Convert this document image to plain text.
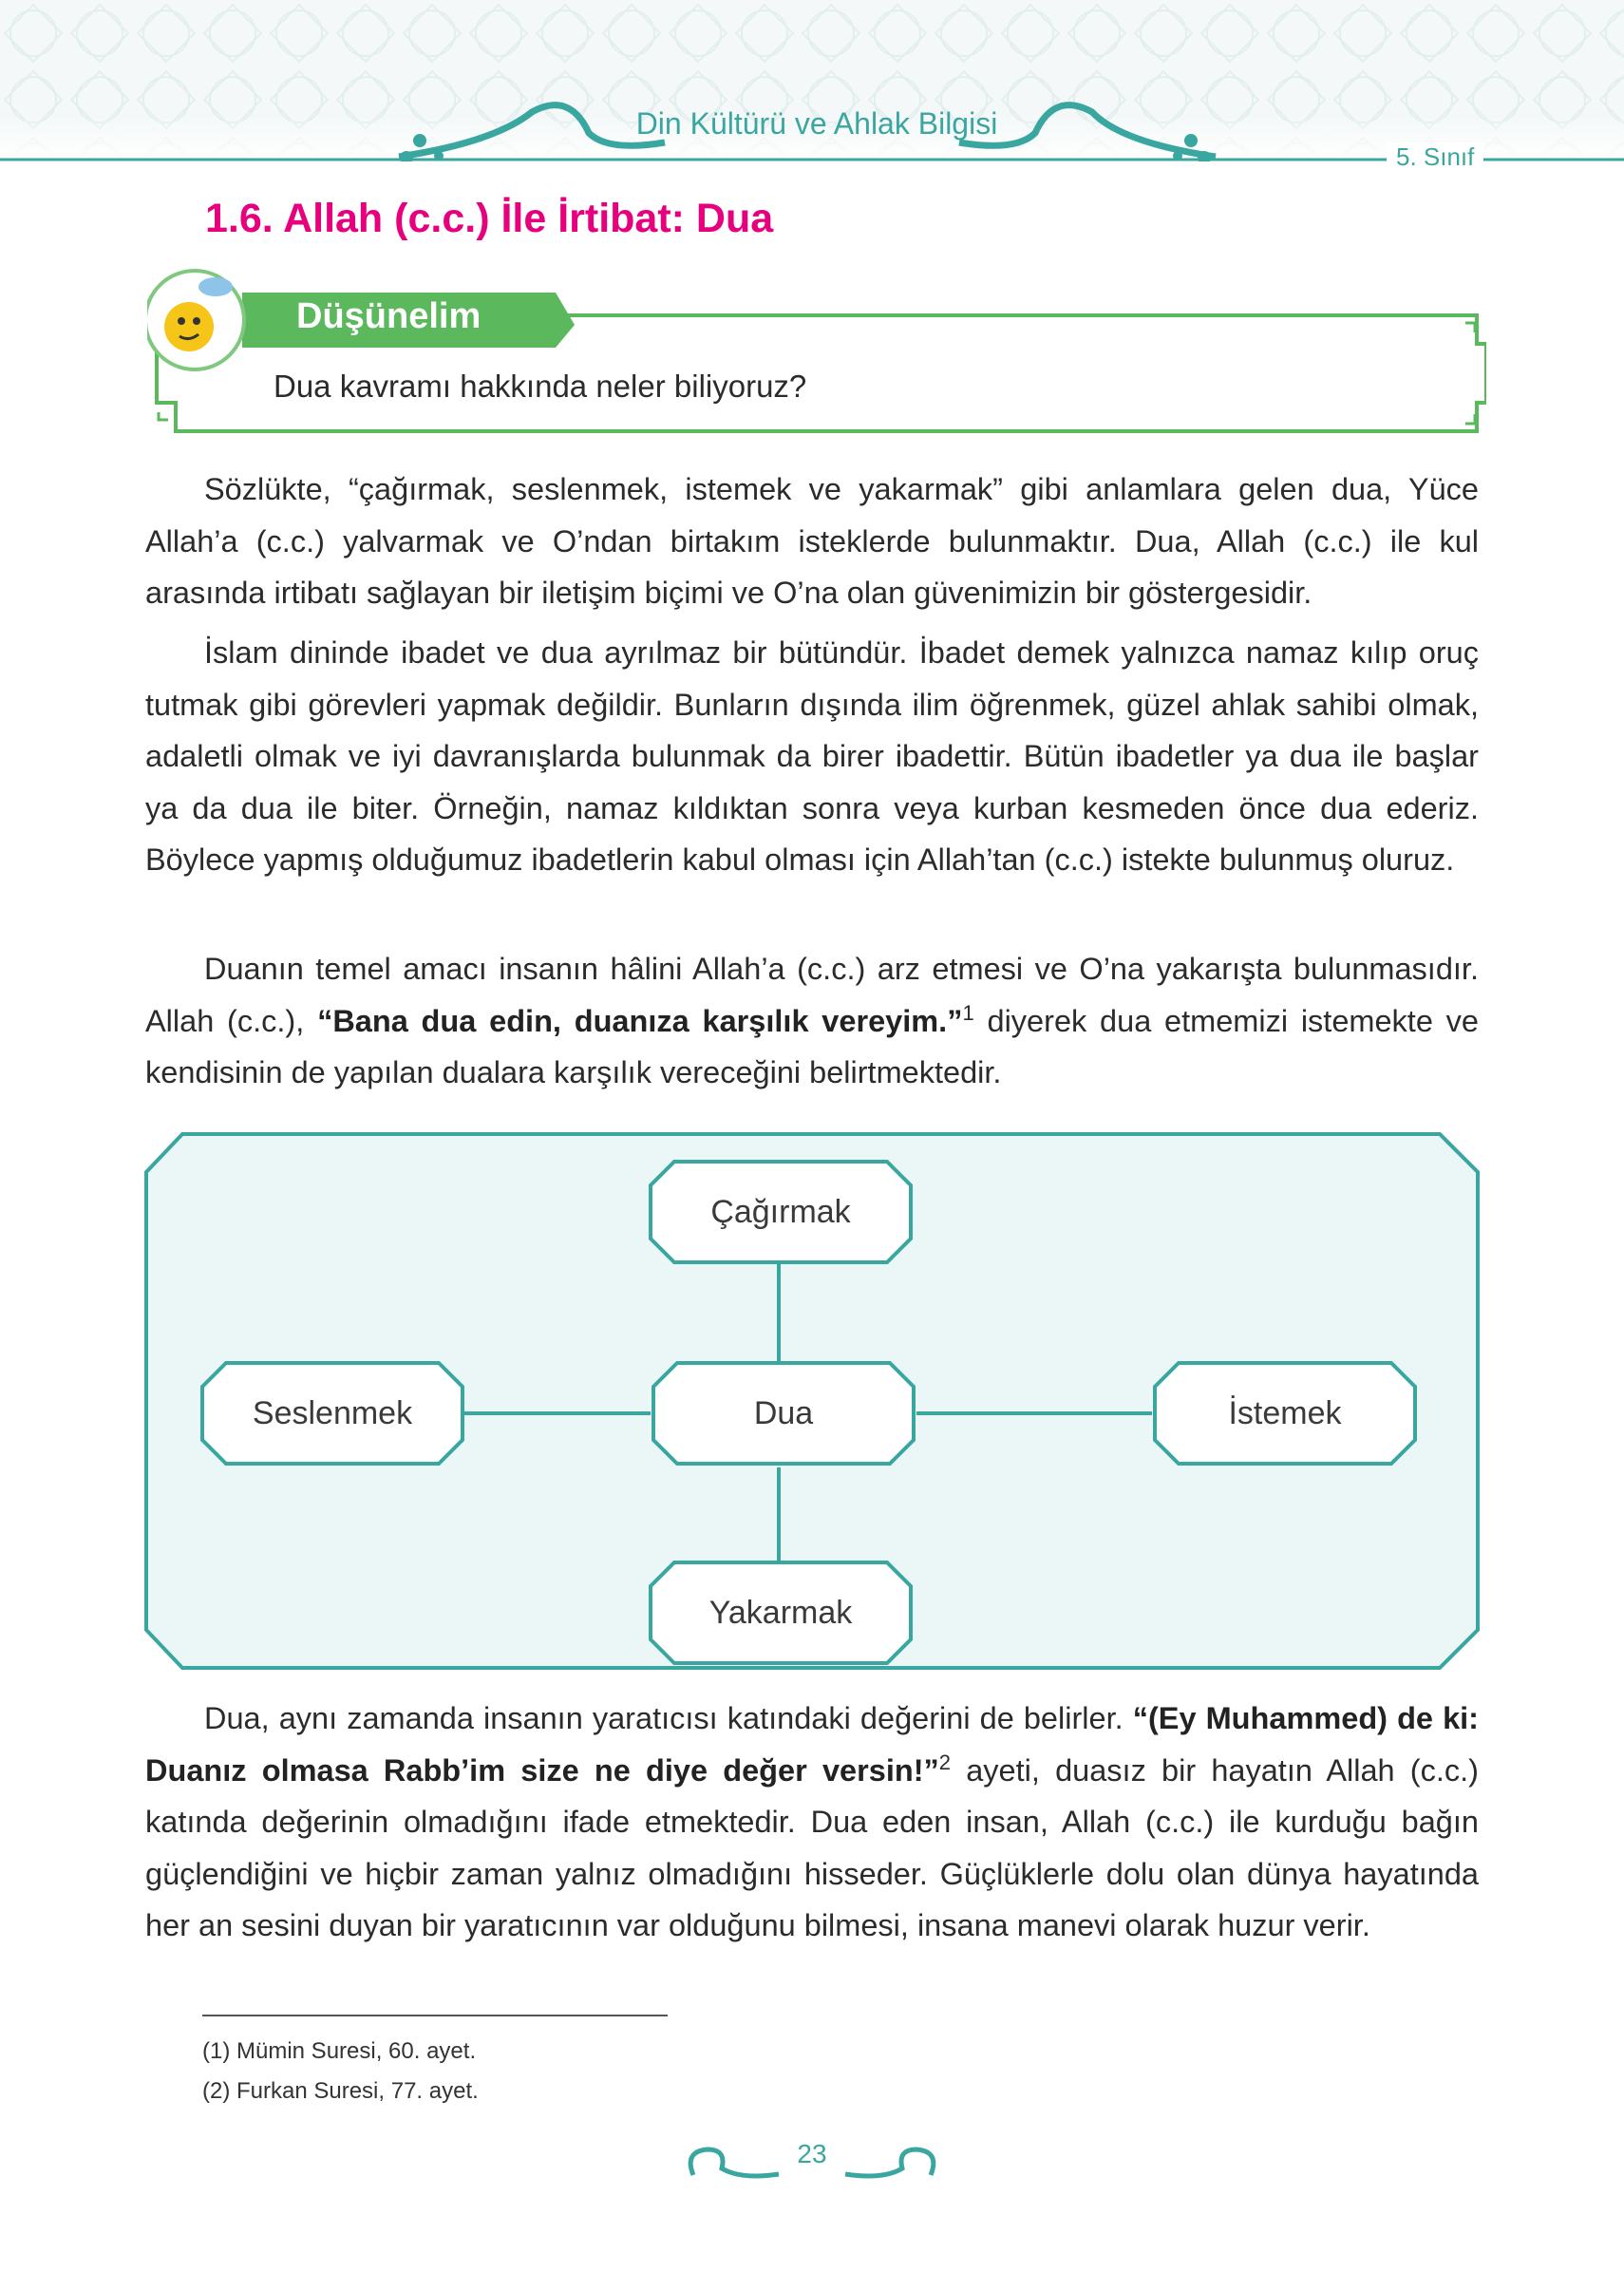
Din Kültürü ve Ahlak Bilgisi
5. Sınıf
1.6. Allah (c.c.) İle İrtibat: Dua
Düşünelim
Dua kavramı hakkında neler biliyoruz?

Sözlükte, “çağırmak, seslenmek, istemek ve yakarmak” gibi anlamlara gelen dua, Yüce Allah’a (c.c.) yalvarmak ve O’ndan birtakım isteklerde bulunmaktır. Dua, Allah (c.c.) ile kul arasında irtibatı sağlayan bir iletişim biçimi ve O’na olan güvenimizin bir göstergesidir.

İslam dininde ibadet ve dua ayrılmaz bir bütündür. İbadet demek yalnızca namaz kılıp oruç tutmak gibi görevleri yapmak değildir. Bunların dışında ilim öğrenmek, güzel ahlak sahibi olmak, adaletli olmak ve iyi davranışlarda bulunmak da birer ibadettir. Bütün ibadetler ya dua ile başlar ya da dua ile biter. Örneğin, namaz kıldıktan sonra veya kurban kesmeden önce dua ederiz. Böylece yapmış olduğumuz ibadetlerin kabul olması için Allah’tan (c.c.) istekte bulunmuş oluruz.

Duanın temel amacı insanın hâlini Allah’a (c.c.) arz etmesi ve O’na yakarışta bulunmasıdır. Allah (c.c.), “Bana dua edin, duanıza karşılık vereyim.”$^1$ diyerek dua etmemizi istemekte ve kendisinin de yapılan dualara karşılık vereceğini belirtmektedir.

Çağırmak
Seslenmek	Dua	İstemek
Yakarmak

Dua, aynı zamanda insanın yaratıcısı katındaki değerini de belirler. “(Ey Muhammed) de ki: Duanız olmasa Rabb’im size ne diye değer versin!”$^2$ ayeti, duasız bir hayatın Allah (c.c.) katında değerinin olmadığını ifade etmektedir. Dua eden insan, Allah (c.c.) ile kurduğu bağın güçlendiğini ve hiçbir zaman yalnız olmadığını hisseder. Güçlüklerle dolu olan dünya hayatında her an sesini duyan bir yaratıcının var olduğunu bilmesi, insana manevi olarak huzur verir.

(1) Mümin Suresi, 60. ayet.
(2) Furkan Suresi, 77. ayet.
23
